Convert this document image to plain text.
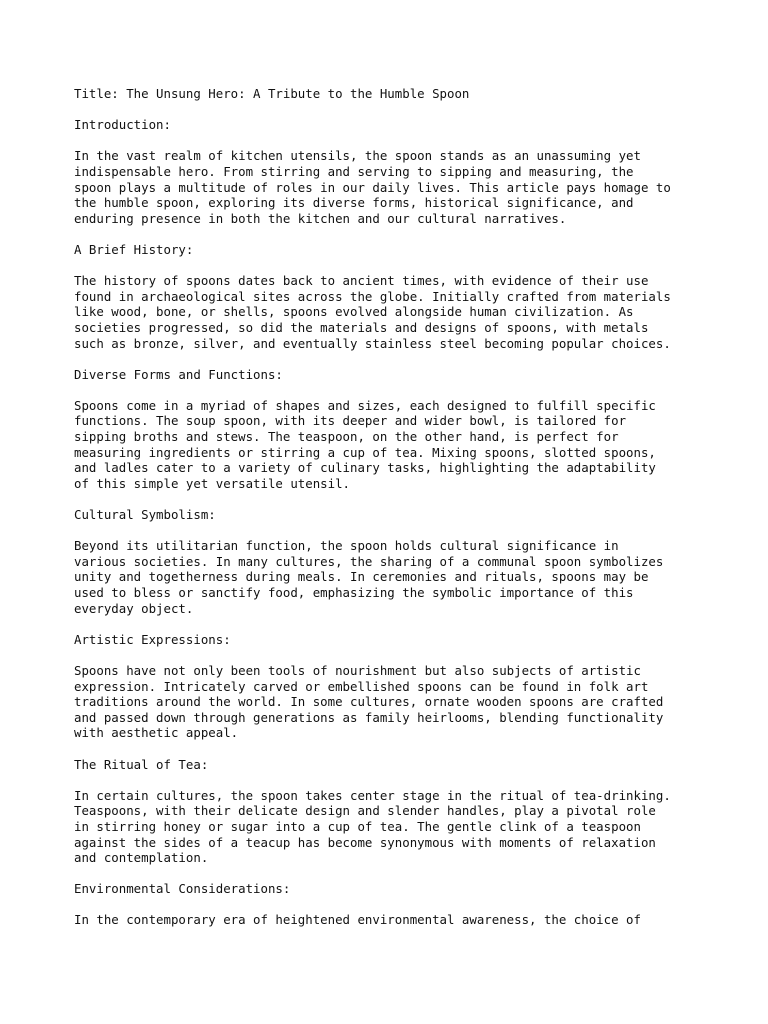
Title: The Unsung Hero: A Tribute to the Humble Spoon
Introduction:
In the vast realm of kitchen utensils, the spoon stands as an unassuming yet
indispensable hero. From stirring and serving to sipping and measuring, the
spoon plays a multitude of roles in our daily lives. This article pays homage to
the humble spoon, exploring its diverse forms, historical significance, and
enduring presence in both the kitchen and our cultural narratives.
A Brief History:
The history of spoons dates back to ancient times, with evidence of their use
found in archaeological sites across the globe. Initially crafted from materials
like wood, bone, or shells, spoons evolved alongside human civilization. As
societies progressed, so did the materials and designs of spoons, with metals
such as bronze, silver, and eventually stainless steel becoming popular choices.
Diverse Forms and Functions:
Spoons come in a myriad of shapes and sizes, each designed to fulfill specific
functions. The soup spoon, with its deeper and wider bowl, is tailored for
sipping broths and stews. The teaspoon, on the other hand, is perfect for
measuring ingredients or stirring a cup of tea. Mixing spoons, slotted spoons,
and ladles cater to a variety of culinary tasks, highlighting the adaptability
of this simple yet versatile utensil.
Cultural Symbolism:
Beyond its utilitarian function, the spoon holds cultural significance in
various societies. In many cultures, the sharing of a communal spoon symbolizes
unity and togetherness during meals. In ceremonies and rituals, spoons may be
used to bless or sanctify food, emphasizing the symbolic importance of this
everyday object.
Artistic Expressions:
Spoons have not only been tools of nourishment but also subjects of artistic
expression. Intricately carved or embellished spoons can be found in folk art
traditions around the world. In some cultures, ornate wooden spoons are crafted
and passed down through generations as family heirlooms, blending functionality
with aesthetic appeal.
The Ritual of Tea:
In certain cultures, the spoon takes center stage in the ritual of tea-drinking.
Teaspoons, with their delicate design and slender handles, play a pivotal role
in stirring honey or sugar into a cup of tea. The gentle clink of a teaspoon
against the sides of a teacup has become synonymous with moments of relaxation
and contemplation.
Environmental Considerations:
In the contemporary era of heightened environmental awareness, the choice of
